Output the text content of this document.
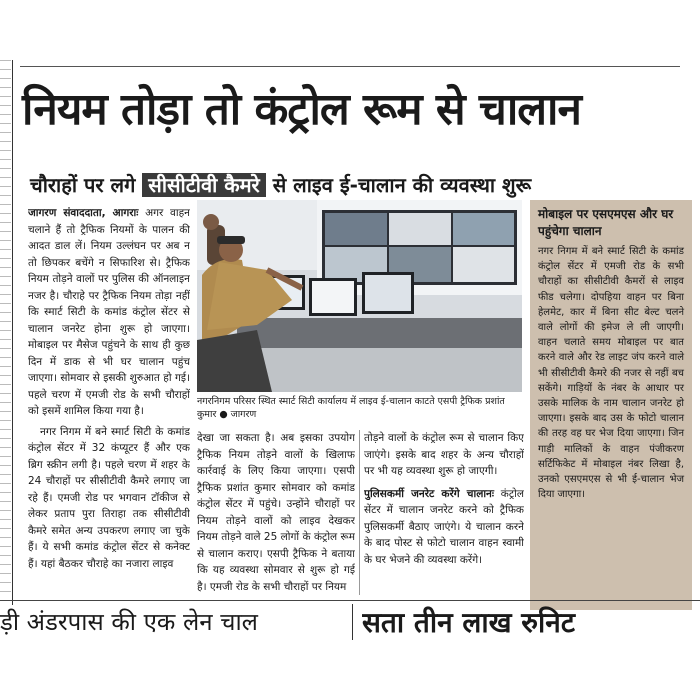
नियम तोड़ा तो कंट्रोल रूम से चालान
चौराहों पर लगे सीसीटीवी कैमरे से लाइव ई-चालान की व्यवस्था शुरू

जागरण संवाददाता, आगराः अगर वाहन चलाने हैं तो ट्रैफिक नियमों के पालन की आदत डाल लें। नियम उल्लंघन पर अब न तो छिपकर बचेंगे न सिफारिश से। ट्रैफिक नियम तोड़ने वालों पर पुलिस की ऑनलाइन नजर है। चौराहे पर ट्रैफिक नियम तोड़ा नहीं कि स्मार्ट सिटी के कमांड कंट्रोल सेंटर से चालान जनरेट होना शुरू हो जाएगा। मोबाइल पर मैसेज पहुंचने के साथ ही कुछ दिन में डाक से भी घर चालान पहुंच जाएगा। सोमवार से इसकी शुरुआत हो गई। पहले चरण में एमजी रोड के सभी चौराहों को इसमें शामिल किया गया है।

नगर निगम में बने स्मार्ट सिटी के कमांड कंट्रोल सेंटर में 32 कंप्यूटर हैं और एक ब्रिग स्क्रीन लगी है। पहले चरण में शहर के 24 चौराहों पर सीसीटीवी कैमरे लगाए जा रहे हैं। एमजी रोड पर भगवान टॉकीज से लेकर प्रताप पुरा तिराहा तक सीसीटीवी कैमरे समेत अन्य उपकरण लगाए जा चुके हैं। ये सभी कमांड कंट्रोल सेंटर से कनेक्ट हैं। यहां बैठकर चौराहे का नजारा लाइव

नगरनिगम परिसर स्थित स्मार्ट सिटी कार्यालय में लाइव ई-चालान काटते एसपी ट्रैफिक प्रशांत कुमार ● जागरण

देखा जा सकता है। अब इसका उपयोग ट्रैफिक नियम तोड़ने वालों के खिलाफ कार्रवाई के लिए किया जाएगा। एसपी ट्रैफिक प्रशांत कुमार सोमवार को कमांड कंट्रोल सेंटर में पहुंचे। उन्होंने चौराहों पर नियम तोड़ने वालों को लाइव देखकर नियम तोड़ने वाले 25 लोगों के कंट्रोल रूम से चालान कराए। एसपी ट्रैफिक ने बताया कि यह व्यवस्था सोमवार से शुरू हो गई है। एमजी रोड के सभी चौराहों पर नियम

तोड़ने वालों के कंट्रोल रूम से चालान किए जाएंगे। इसके बाद शहर के अन्य चौराहों पर भी यह व्यवस्था शुरू हो जाएगी।

पुलिसकर्मी जनरेट करेंगे चालानः कंट्रोल सेंटर में चालान जनरेट करने को ट्रैफिक पुलिसकर्मी बैठाए जाएंगे। ये चालान करने के बाद पोस्ट से फोटो चालान वाहन स्वामी के घर भेजने की व्यवस्था करेंगे।

मोबाइल पर एसएमएस और घर पहुंचेगा चालान
नगर निगम में बने स्मार्ट सिटी के कमांड कंट्रोल सेंटर में एमजी रोड के सभी चौराहों का सीसीटीवी कैमरों से लाइव फीड चलेगा। दोपहिया वाहन पर बिना हेलमेट, कार में बिना सीट बेल्ट चलने वाले लोगों की इमेज ले ली जाएगी। वाहन चलाते समय मोबाइल पर बात करने वाले और रेड लाइट जंप करने वाले भी सीसीटीवी कैमरे की नजर से नहीं बच सकेंगे। गाड़ियों के नंबर के आधार पर उसके मालिक के नाम चालान जनरेट हो जाएगा। इसके बाद उस के फोटो चालान की तरह वह घर भेज दिया जाएगा। जिन गाड़ी मालिकों के वाहन पंजीकरण सर्टिफिकेट में मोबाइल नंबर लिखा है, उनको एसएमएस से भी ई-चालान भेज दिया जाएगा।
ड़ी अंडरपास की एक लेन चाल	सता तीन लाख रुनिट
